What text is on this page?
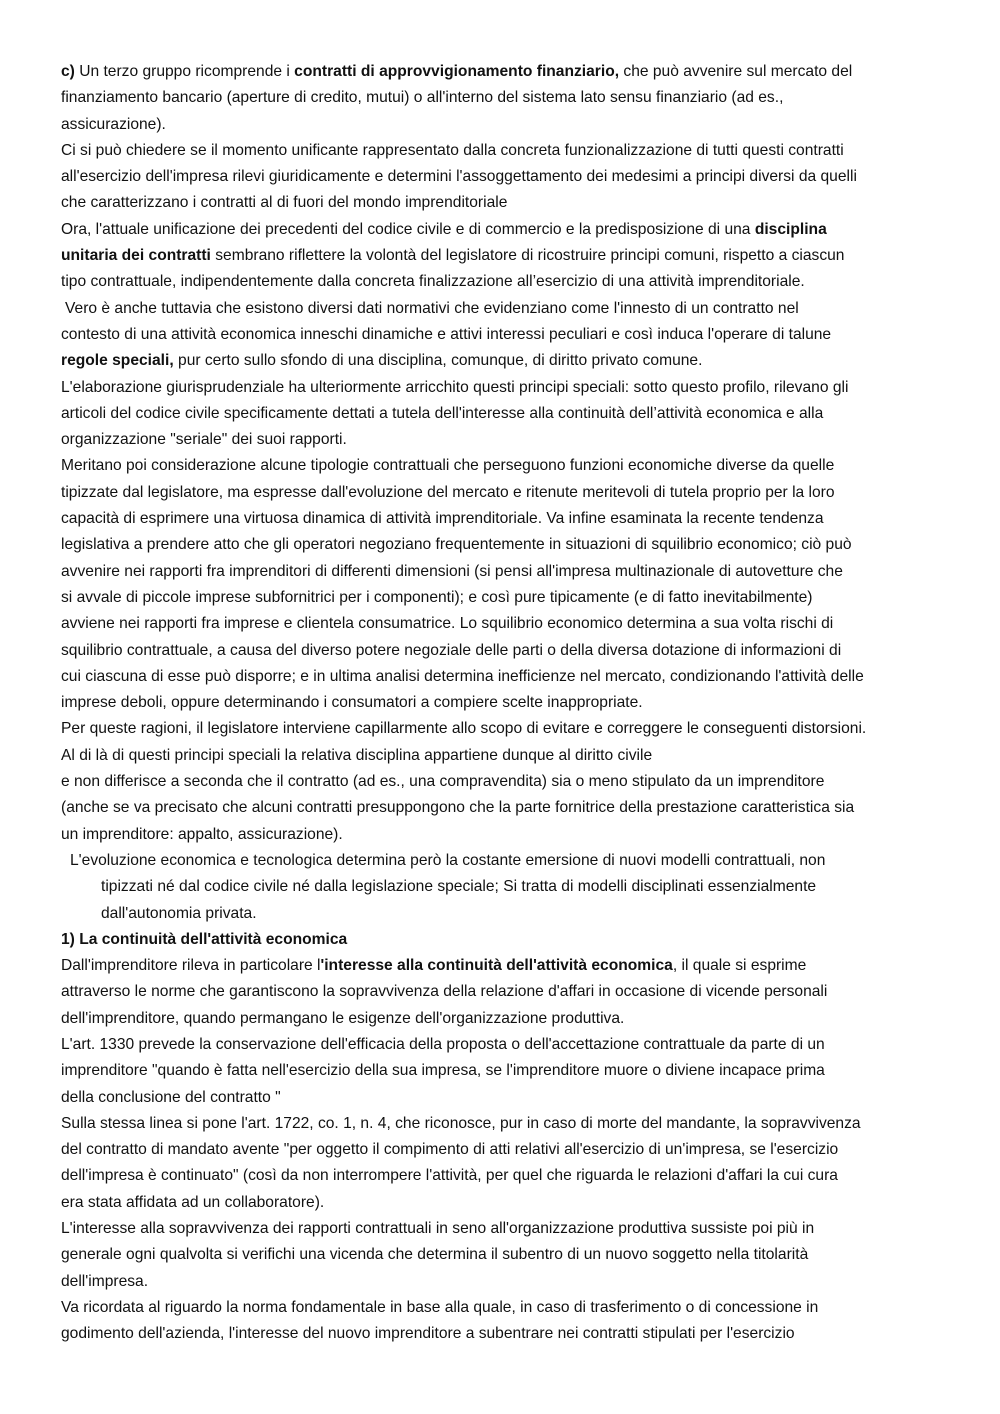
c) Un terzo gruppo ricomprende i contratti di approvvigionamento finanziario, che può avvenire sul mercato del
finanziamento bancario (aperture di credito, mutui) o all'interno del sistema lato sensu finanziario (ad es.,
assicurazione).
Ci si può chiedere se il momento unificante rappresentato dalla concreta funzionalizzazione di tutti questi contratti
all'esercizio dell'impresa rilevi giuridicamente e determini l'assoggettamento dei medesimi a principi diversi da quelli
che caratterizzano i contratti al di fuori del mondo imprenditoriale
Ora, l'attuale unificazione dei precedenti del codice civile e di commercio e la predisposizione di una disciplina
unitaria dei contratti sembrano riflettere la volontà del legislatore di ricostruire principi comuni, rispetto a ciascun
tipo contrattuale, indipendentemente dalla concreta finalizzazione all’esercizio di una attività imprenditoriale.
Vero è anche tuttavia che esistono diversi dati normativi che evidenziano come l'innesto di un contratto nel
contesto di una attività economica inneschi dinamiche e attivi interessi peculiari e così induca l'operare di talune
regole speciali, pur certo sullo sfondo di una disciplina, comunque, di diritto privato comune.
L'elaborazione giurisprudenziale ha ulteriormente arricchito questi principi speciali: sotto questo profilo, rilevano gli
articoli del codice civile specificamente dettati a tutela dell'interesse alla continuità dell’attività economica e alla
organizzazione "seriale" dei suoi rapporti.
Meritano poi considerazione alcune tipologie contrattuali che perseguono funzioni economiche diverse da quelle
tipizzate dal legislatore, ma espresse dall'evoluzione del mercato e ritenute meritevoli di tutela proprio per la loro
capacità di esprimere una virtuosa dinamica di attività imprenditoriale. Va infine esaminata la recente tendenza
legislativa a prendere atto che gli operatori negoziano frequentemente in situazioni di squilibrio economico; ciò può
avvenire nei rapporti fra imprenditori di differenti dimensioni (si pensi all'impresa multinazionale di autovetture che
si avvale di piccole imprese subfornitrici per i componenti); e così pure tipicamente (e di fatto inevitabilmente)
avviene nei rapporti fra imprese e clientela consumatrice. Lo squilibrio economico determina a sua volta rischi di
squilibrio contrattuale, a causa del diverso potere negoziale delle parti o della diversa dotazione di informazioni di
cui ciascuna di esse può disporre; e in ultima analisi determina inefficienze nel mercato, condizionando l'attività delle
imprese deboli, oppure determinando i consumatori a compiere scelte inappropriate.
Per queste ragioni, il legislatore interviene capillarmente allo scopo di evitare e correggere le conseguenti distorsioni.
Al di là di questi principi speciali la relativa disciplina appartiene dunque al diritto civile
e non differisce a seconda che il contratto (ad es., una compravendita) sia o meno stipulato da un imprenditore
(anche se va precisato che alcuni contratti presuppongono che la parte fornitrice della prestazione caratteristica sia
un imprenditore: appalto, assicurazione).
L'evoluzione economica e tecnologica determina però la costante emersione di nuovi modelli contrattuali, non
tipizzati né dal codice civile né dalla legislazione speciale; Si tratta di modelli disciplinati essenzialmente
dall'autonomia privata.
1) La continuità dell'attività economica
Dall'imprenditore rileva in particolare l'interesse alla continuità dell'attività economica, il quale si esprime
attraverso le norme che garantiscono la sopravvivenza della relazione d'affari in occasione di vicende personali
dell'imprenditore, quando permangano le esigenze dell'organizzazione produttiva.
L'art. 1330 prevede la conservazione dell'efficacia della proposta o dell'accettazione contrattuale da parte di un
imprenditore "quando è fatta nell'esercizio della sua impresa, se l'imprenditore muore o diviene incapace prima
della conclusione del contratto "
Sulla stessa linea si pone l'art. 1722, co. 1, n. 4, che riconosce, pur in caso di morte del mandante, la sopravvivenza
del contratto di mandato avente "per oggetto il compimento di atti relativi all'esercizio di un'impresa, se l'esercizio
dell'impresa è continuato" (così da non interrompere l'attività, per quel che riguarda le relazioni d'affari la cui cura
era stata affidata ad un collaboratore).
L'interesse alla sopravvivenza dei rapporti contrattuali in seno all'organizzazione produttiva sussiste poi più in
generale ogni qualvolta si verifichi una vicenda che determina il subentro di un nuovo soggetto nella titolarità
dell'impresa.
Va ricordata al riguardo la norma fondamentale in base alla quale, in caso di trasferimento o di concessione in
godimento dell'azienda, l'interesse del nuovo imprenditore a subentrare nei contratti stipulati per l'esercizio
